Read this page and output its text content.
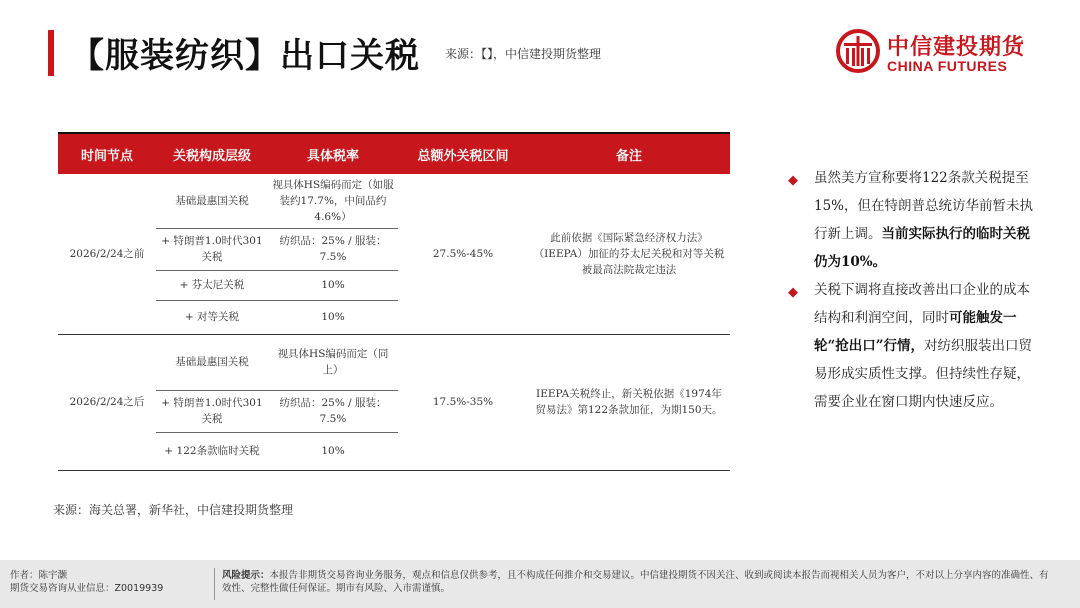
【服装纺织】出口关税 来源：【】，中信建投期货整理	中信建投期货
CHINA FUTURES
时间节点	关税构成层级	具体税率	总额外关税区间	备注
2026/2/24之前	基础最惠国关税	视具体HS编码而定（如服装约17.7%，中间品约4.6%）	27.5%-45%	此前依据《国际紧急经济权力法》（IEEPA）加征的芬太尼关税和对等关税被最高法院裁定违法
	+ 特朗普1.0时代301关税	纺织品：25% / 服装：7.5%		
	+ 芬太尼关税	10%		
	+ 对等关税	10%		
2026/2/24之后	基础最惠国关税	视具体HS编码而定（同上）	17.5%-35%	IEEPA关税终止，新关税依据《1974年贸易法》第122条款加征，为期150天。
	+ 特朗普1.0时代301关税	纺织品：25% / 服装：7.5%		
	+ 122条款临时关税	10%		
◆ 虽然美方宣称要将122条款关税提至15%，但在特朗普总统访华前暂未执行新上调。当前实际执行的临时关税仍为10%。
◆ 关税下调将直接改善出口企业的成本结构和利润空间，同时可能触发一轮“抢出口”行情，对纺织服装出口贸易形成实质性支撑。但持续性存疑，需要企业在窗口期内快速反应。
来源：海关总署，新华社，中信建投期货整理
作者：陈宇灏
期货交易咨询从业信息：Z0019939
风险提示：本报告非期货交易咨询业务服务，观点和信息仅供参考，且不构成任何推介和交易建议。中信建投期货不因关注、收到或阅读本报告而视相关人员为客户，不对以上分享内容的准确性、有效性、完整性做任何保证。期市有风险、入市需谨慎。
